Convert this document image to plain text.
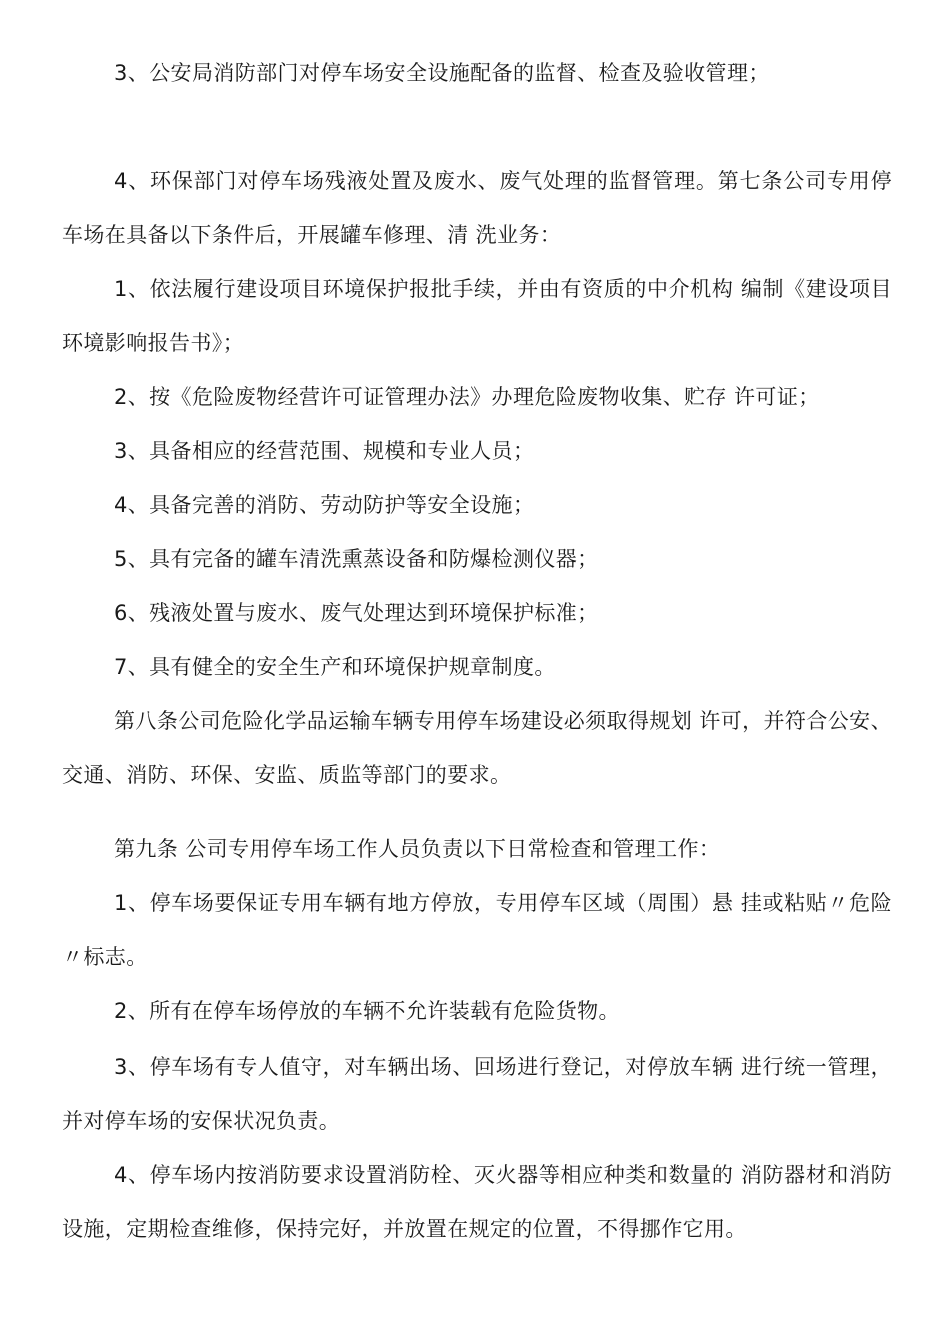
3、公安局消防部门对停车场安全设施配备的监督、检查及验收管理；

4、环保部门对停车场残液处置及废水、废气处理的监督管理。第七条公司专用停车场在具备以下条件后，开展罐车修理、清 洗业务：

1、依法履行建设项目环境保护报批手续，并由有资质的中介机构 编制《建设项目环境影响报告书》；

2、按《危险废物经营许可证管理办法》办理危险废物收集、贮存 许可证；

3、具备相应的经营范围、规模和专业人员；

4、具备完善的消防、劳动防护等安全设施；

5、具有完备的罐车清洗熏蒸设备和防爆检测仪器；

6、残液处置与废水、废气处理达到环境保护标准；

7、具有健全的安全生产和环境保护规章制度。

第八条公司危险化学品运输车辆专用停车场建设必须取得规划 许可，并符合公安、交通、消防、环保、安监、质监等部门的要求。

第九条 公司专用停车场工作人员负责以下日常检查和管理工作：

1、停车场要保证专用车辆有地方停放，专用停车区域（周围）悬 挂或粘贴〃危险〃标志。

2、所有在停车场停放的车辆不允许装载有危险货物。

3、停车场有专人值守，对车辆出场、回场进行登记，对停放车辆 进行统一管理，并对停车场的安保状况负责。

4、停车场内按消防要求设置消防栓、灭火器等相应种类和数量的 消防器材和消防设施，定期检查维修，保持完好，并放置在规定的位置，不得挪作它用。
